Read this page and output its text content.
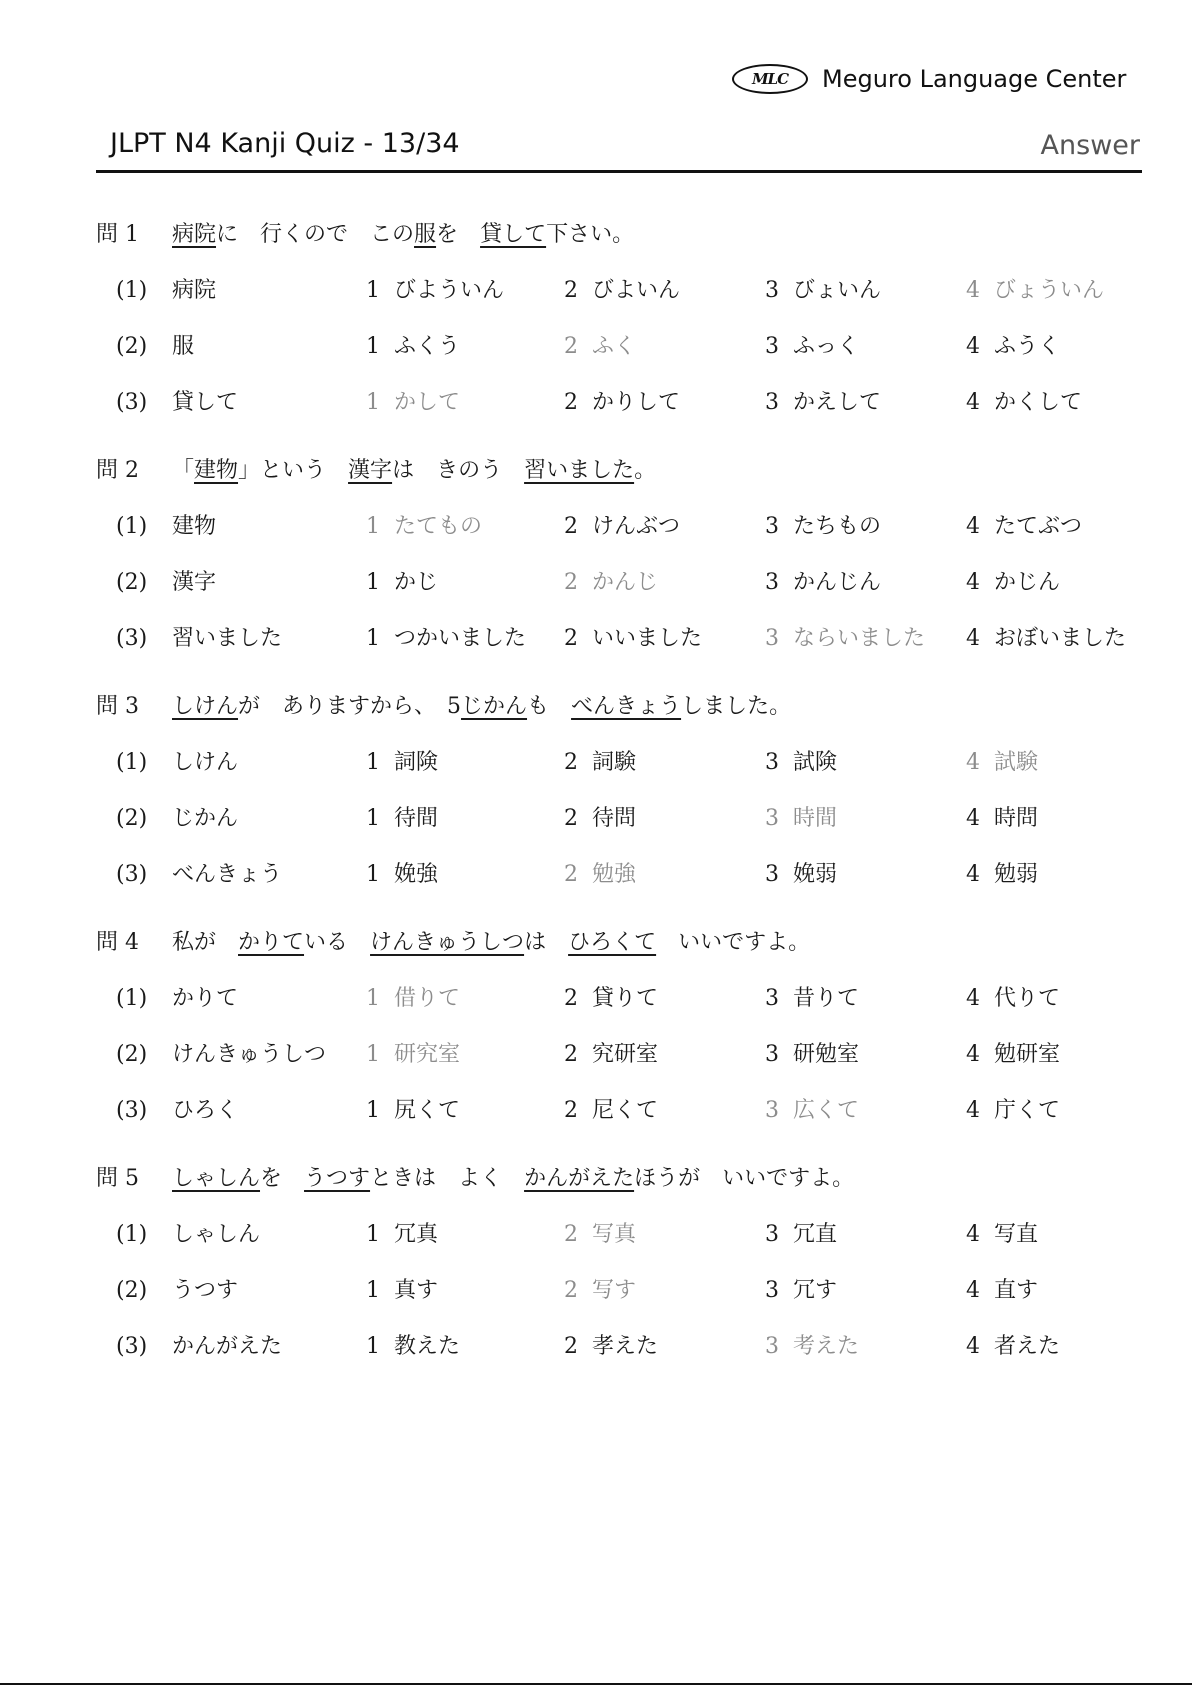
MLC	Meguro Language Center
JLPT N4 Kanji Quiz - 13/34	Answer
問 1 病院に　行くので　この服を　貸して下さい。
(1) 病院	1 びよういん	2 びよいん	3 びょいん	4 びょういん
(2) 服	1 ふくう	2 ふく	3 ふっく	4 ふうく
(3) 貸して	1 かして	2 かりして	3 かえして	4 かくして
問 2 「建物」という　漢字は　きのう　習いました。
(1) 建物	1 たてもの	2 けんぶつ	3 たちもの	4 たてぶつ
(2) 漢字	1 かじ	2 かんじ	3 かんじん	4 かじん
(3) 習いました	1 つかいました 2 いいました	3 ならいました 4 おぼいました
問 3 しけんが　ありますから、　5じかんも　べんきょうしました。
(1) しけん	1 詞険	2 詞験	3 試険	4 試験
(2) じかん	1 待間	2 待問	3 時間	4 時問
(3) べんきょう	1 娩強	2 勉強	3 娩弱	4 勉弱
問 4 私が　かりている　けんきゅうしつは　ひろくて　いいですよ。
(1) かりて	1 借りて	2 貸りて	3 昔りて	4 代りて
(2) けんきゅうしつ 1 研究室	2 究研室	3 研勉室	4 勉研室
(3) ひろく	1 尻くて	2 尼くて	3 広くて	4 庁くて
問 5 しゃしんを　うつすときは　よく　かんがえたほうが　いいですよ。
(1) しゃしん	1 冗真	2 写真	3 冗直	4 写直
(2) うつす	1 真す	2 写す	3 冗す	4 直す
(3) かんがえた	1 教えた	2 孝えた	3 考えた	4 者えた
